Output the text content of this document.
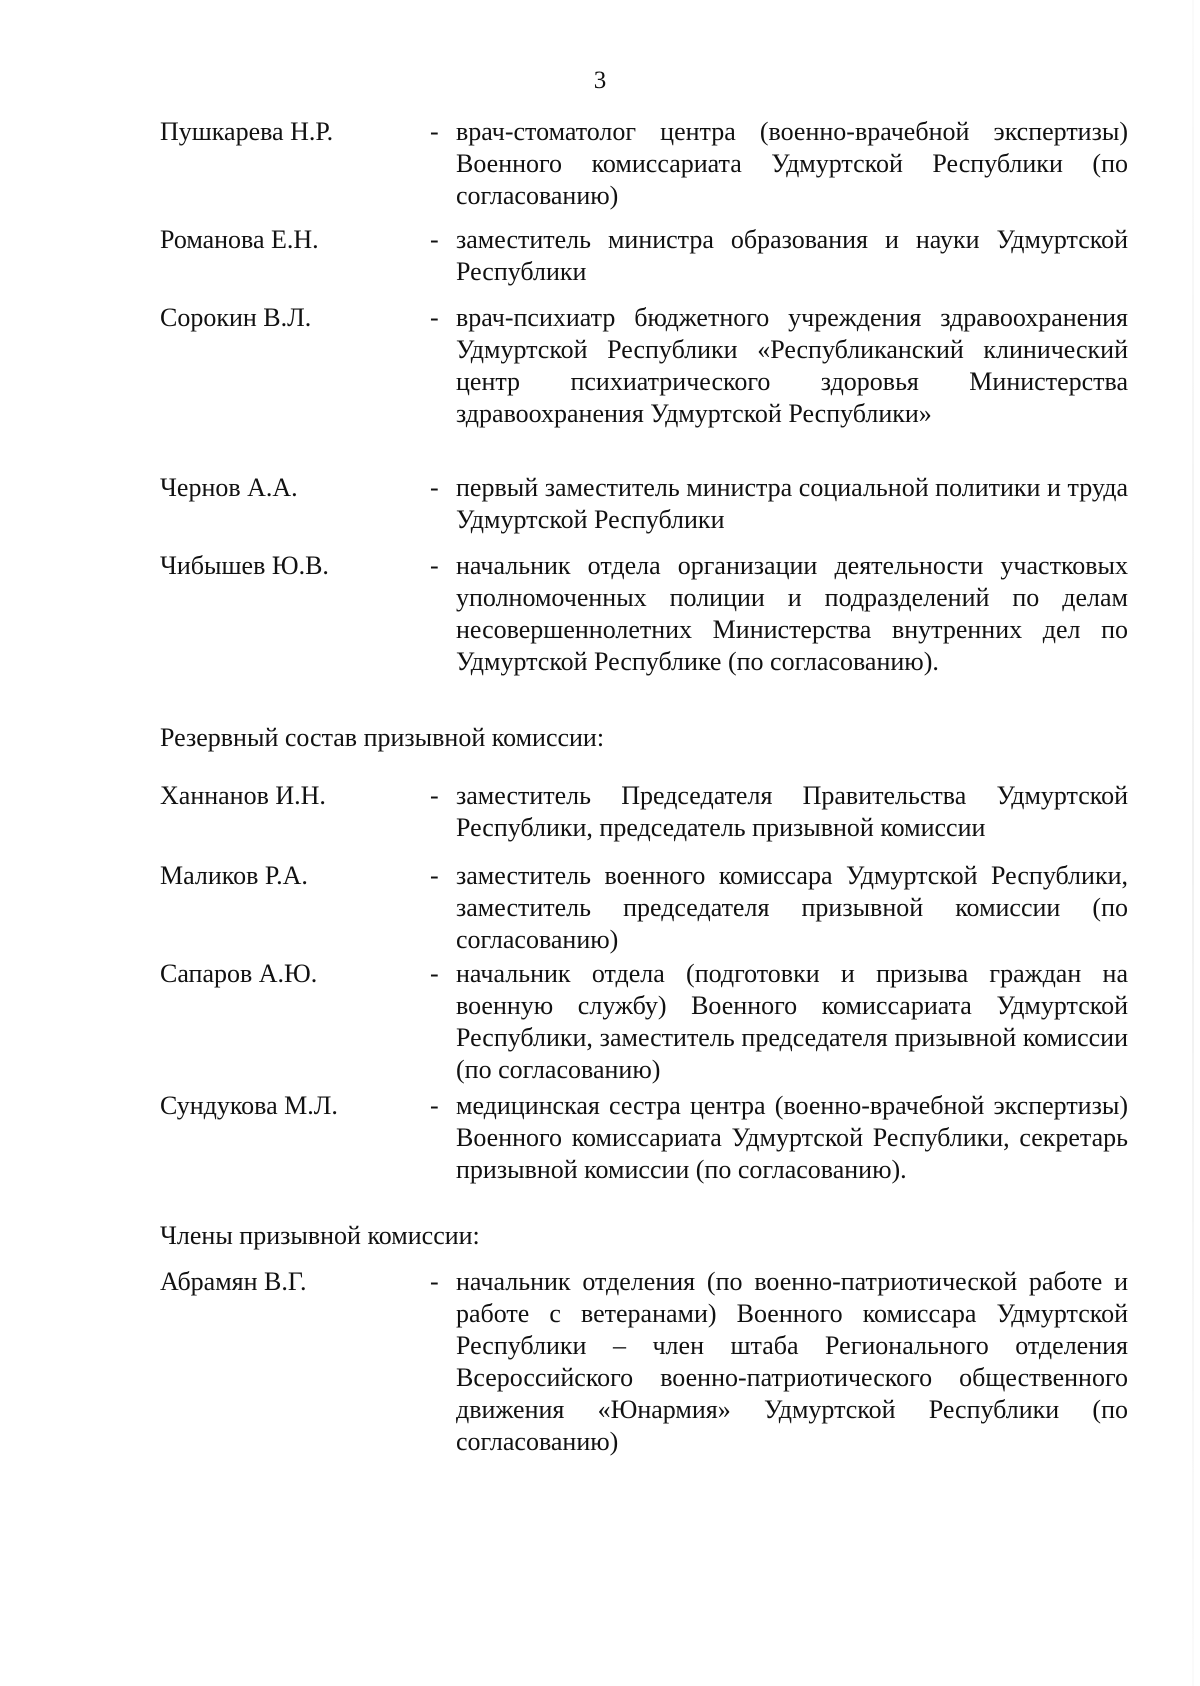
3
Пушкарева Н.Р.	- врач-стоматолог центра (военно-врачебной экспертизы) Военного комиссариата Удмуртской Республики (по согласованию)
Романова Е.Н.	- заместитель министра образования и науки Удмуртской Республики
Сорокин В.Л.	- врач-психиатр бюджетного учреждения здравоохранения Удмуртской Республики «Республиканский клинический центр психиатрического здоровья Министерства здравоохранения Удмуртской Республики»
Чернов А.А.	- первый заместитель министра социальной политики и труда Удмуртской Республики
Чибышев Ю.В.	- начальник отдела организации деятельности участковых уполномоченных полиции и подразделений по делам несовершеннолетних Министерства внутренних дел по Удмуртской Республике (по согласованию).
Резервный состав призывной комиссии:
Ханнанов И.Н.	- заместитель Председателя Правительства Удмуртской Республики, председатель призывной комиссии
Маликов Р.А.	- заместитель военного комиссара Удмуртской Республики, заместитель председателя призывной комиссии (по согласованию)
Сапаров А.Ю.	- начальник отдела (подготовки и призыва граждан на военную службу) Военного комиссариата Удмуртской Республики, заместитель председателя призывной комиссии (по согласованию)
Сундукова М.Л.	- медицинская сестра центра (военно-врачебной экспертизы) Военного комиссариата Удмуртской Республики, секретарь призывной комиссии (по согласованию).
Члены призывной комиссии:
Абрамян В.Г.	- начальник отделения (по военно-патриотической работе и работе с ветеранами) Военного комиссара Удмуртской Республики – член штаба Регионального отделения Всероссийского военно-патриотического общественного движения «Юнармия» Удмуртской Республики (по согласованию)
